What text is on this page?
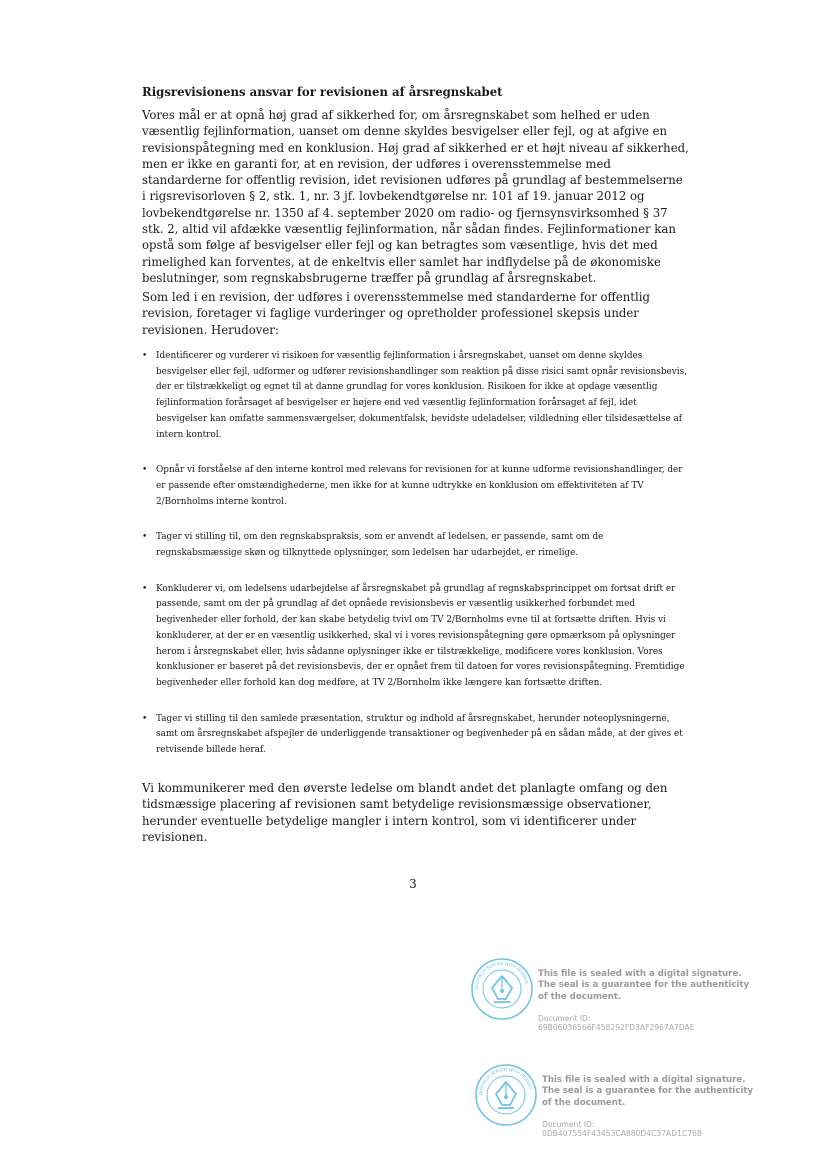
Rigsrevisionens ansvar for revisionen af årsregnskabet

Vores mål er at opnå høj grad af sikkerhed for, om årsregnskabet som helhed er uden væsentlig fejlinformation, uanset om denne skyldes besvigelser eller fejl, og at afgive en revisionspåtegning med en konklusion. Høj grad af sikkerhed er et højt niveau af sikkerhed, men er ikke en garanti for, at en revision, der udføres i overensstemmelse med standarderne for offentlig revision, idet revisionen udføres på grundlag af bestemmelserne i rigsrevisorloven § 2, stk. 1, nr. 3 jf. lovbekendtgørelse nr. 101 af 19. januar 2012 og lovbekendtgørelse nr. 1350 af 4. september 2020 om radio- og fjernsynsvirksomhed § 37 stk. 2, altid vil afdække væsentlig fejlinformation, når sådan findes. Fejlinformationer kan opstå som følge af besvigelser eller fejl og kan betragtes som væsentlige, hvis det med rimelighed kan forventes, at de enkeltvis eller samlet har indflydelse på de økonomiske beslutninger, som regnskabsbrugerne træffer på grundlag af årsregnskabet.

Som led i en revision, der udføres i overensstemmelse med standarderne for offentlig revision, foretager vi faglige vurderinger og opretholder professionel skepsis under revisionen. Herudover:

• Identificerer og vurderer vi risikoen for væsentlig fejlinformation i årsregnskabet, uanset om denne skyldes besvigelser eller fejl, udformer og udfører revisionshandlinger som reaktion på disse risici samt opnår revisionsbevis, der er tilstrækkeligt og egnet til at danne grundlag for vores konklusion. Risikoen for ikke at opdage væsentlig fejlinformation forårsaget af besvigelser er højere end ved væsentlig fejlinformation forårsaget af fejl, idet besvigelser kan omfatte sammensværgelser, dokumentfalsk, bevidste udeladelser, vildledning eller tilsidesættelse af intern kontrol.
• Opnår vi forståelse af den interne kontrol med relevans for revisionen for at kunne udforme revisionshandlinger, der er passende efter omstændighederne, men ikke for at kunne udtrykke en konklusion om effektiviteten af TV 2/Bornholms interne kontrol.
• Tager vi stilling til, om den regnskabspraksis, som er anvendt af ledelsen, er passende, samt om de regnskabsmæssige skøn og tilknyttede oplysninger, som ledelsen har udarbejdet, er rimelige.
• Konkluderer vi, om ledelsens udarbejdelse af årsregnskabet på grundlag af regnskabsprincippet om fortsat drift er passende, samt om der på grundlag af det opnåede revisionsbevis er væsentlig usikkerhed forbundet med begivenheder eller forhold, der kan skabe betydelig tvivl om TV 2/Bornholms evne til at fortsætte driften. Hvis vi konkluderer, at der er en væsentlig usikkerhed, skal vi i vores revisionspåtegning gøre opmærksom på oplysninger herom i årsregnskabet eller, hvis sådanne oplysninger ikke er tilstrækkelige, modificere vores konklusion. Vores konklusioner er baseret på det revisionsbevis, der er opnået frem til datoen for vores revisionspåtegning. Fremtidige begivenheder eller forhold kan dog medføre, at TV 2/Bornholm ikke længere kan fortsætte driften.
• Tager vi stilling til den samlede præsentation, struktur og indhold af årsregnskabet, herunder noteoplysningerne, samt om årsregnskabet afspejler de underliggende transaktioner og begivenheder på en sådan måde, at der gives et retvisende billede heraf.

Vi kommunikerer med den øverste ledelse om blandt andet det planlagte omfang og den tidsmæssige placering af revisionen samt betydelige revisionsmæssige observationer, herunder eventuelle betydelige mangler i intern kontrol, som vi identificerer under revisionen.

3
DIGITALLY SEALED WITH PENNEO
This file is sealed with a digital signature.
The seal is a guarantee for the authenticity
of the document.
Document ID:
69B06036566F458292FD3AF2967A7DAE
DIGITALLY SEALED WITH PENNEO
This file is sealed with a digital signature.
The seal is a guarantee for the authenticity
of the document.
Document ID:
0DB407554F43453CA880D4C37AD1C76B
